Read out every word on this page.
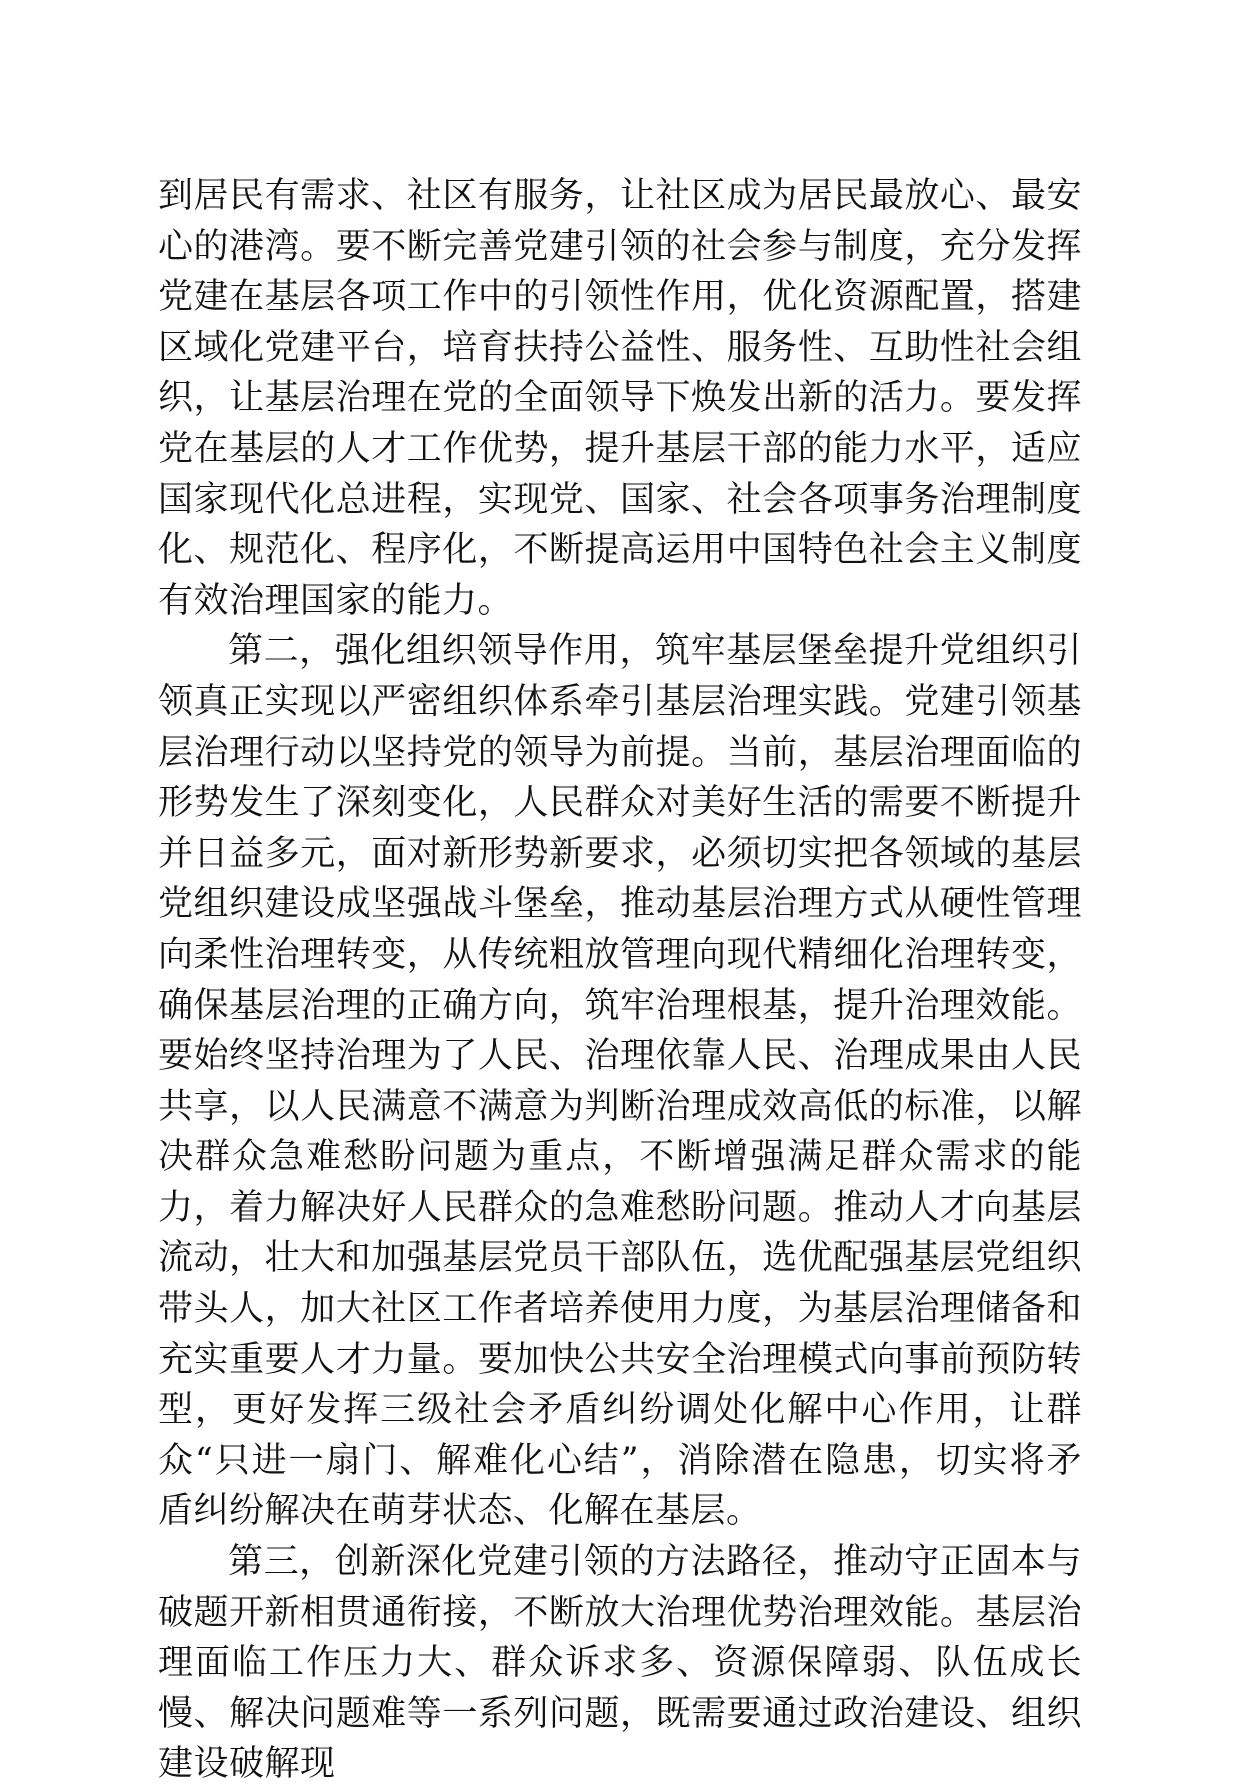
到居民有需求、社区有服务，让社区成为居民最放心、最安心的港湾。要不断完善党建引领的社会参与制度，充分发挥党建在基层各项工作中的引领性作用，优化资源配置，搭建区域化党建平台，培育扶持公益性、服务性、互助性社会组织，让基层治理在党的全面领导下焕发出新的活力。要发挥党在基层的人才工作优势，提升基层干部的能力水平，适应国家现代化总进程，实现党、国家、社会各项事务治理制度化、规范化、程序化，不断提高运用中国特色社会主义制度有效治理国家的能力。

第二，强化组织领导作用，筑牢基层堡垒提升党组织引领真正实现以严密组织体系牵引基层治理实践。党建引领基层治理行动以坚持党的领导为前提。当前，基层治理面临的形势发生了深刻变化，人民群众对美好生活的需要不断提升并日益多元，面对新形势新要求，必须切实把各领域的基层党组织建设成坚强战斗堡垒，推动基层治理方式从硬性管理向柔性治理转变，从传统粗放管理向现代精细化治理转变，确保基层治理的正确方向，筑牢治理根基，提升治理效能。要始终坚持治理为了人民、治理依靠人民、治理成果由人民共享，以人民满意不满意为判断治理成效高低的标准，以解决群众急难愁盼问题为重点，不断增强满足群众需求的能力，着力解决好人民群众的急难愁盼问题。推动人才向基层流动，壮大和加强基层党员干部队伍，选优配强基层党组织带头人，加大社区工作者培养使用力度，为基层治理储备和充实重要人才力量。要加快公共安全治理模式向事前预防转型，更好发挥三级社会矛盾纠纷调处化解中心作用，让群众“只进一扇门、解难化心结”，消除潜在隐患，切实将矛盾纠纷解决在萌芽状态、化解在基层。

第三，创新深化党建引领的方法路径，推动守正固本与破题开新相贯通衔接，不断放大治理优势治理效能。基层治理面临工作压力大、群众诉求多、资源保障弱、队伍成长慢、解决问题难等一系列问题，既需要通过政治建设、组织建设破解现
